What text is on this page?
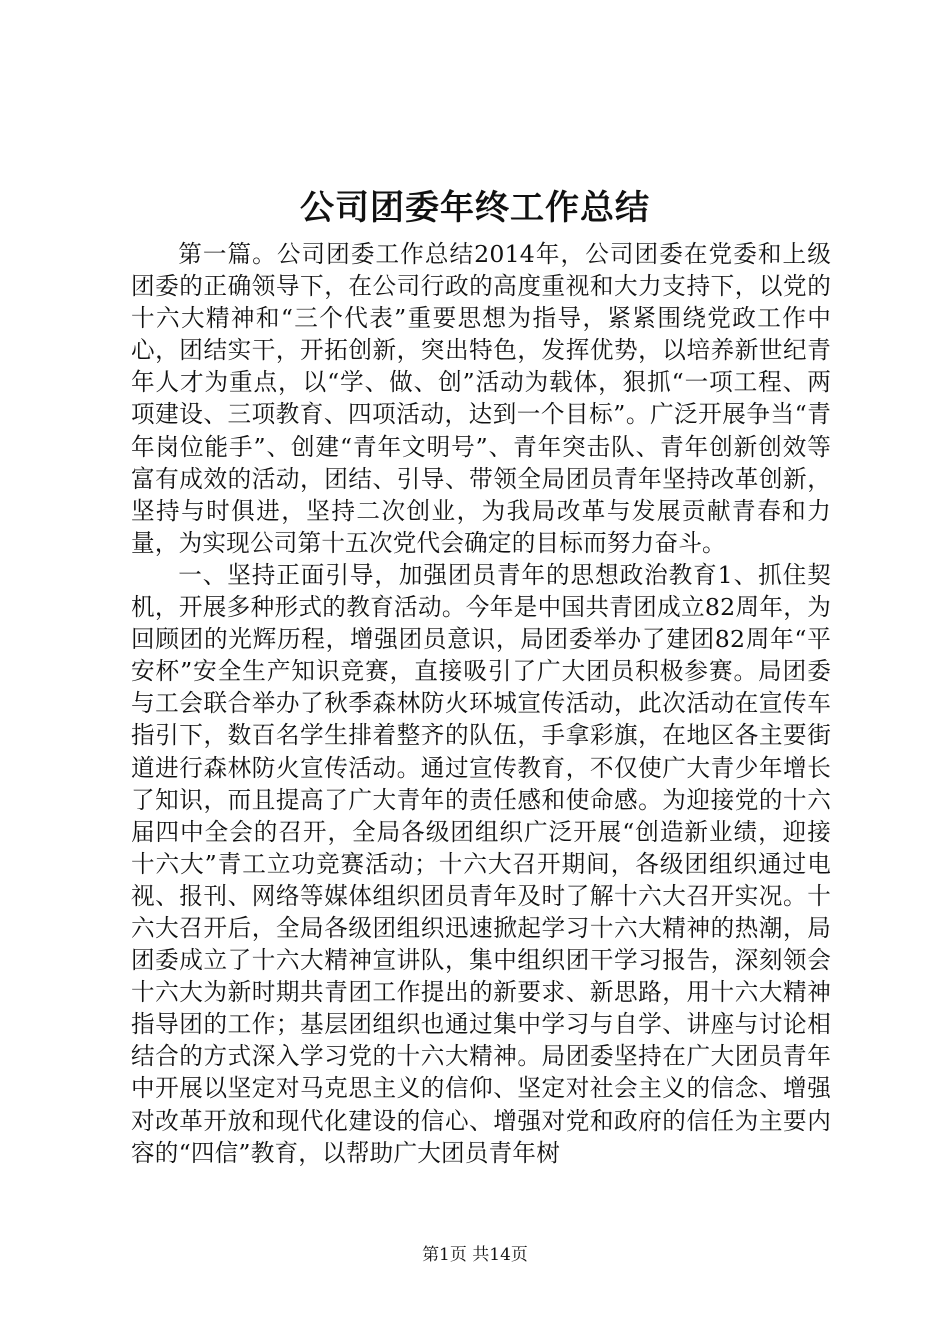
公司团委年终工作总结

第一篇。公司团委工作总结2014年，公司团委在党委和上级团委的正确领导下，在公司行政的高度重视和大力支持下，以党的十六大精神和“三个代表”重要思想为指导，紧紧围绕党政工作中心，团结实干，开拓创新，突出特色，发挥优势，以培养新世纪青年人才为重点，以“学、做、创”活动为载体，狠抓“一项工程、两项建设、三项教育、四项活动，达到一个目标”。广泛开展争当“青年岗位能手”、创建“青年文明号”、青年突击队、青年创新创效等富有成效的活动，团结、引导、带领全局团员青年坚持改革创新，坚持与时俱进，坚持二次创业，为我局改革与发展贡献青春和力量，为实现公司第十五次党代会确定的目标而努力奋斗。

一、坚持正面引导，加强团员青年的思想政治教育1、抓住契机，开展多种形式的教育活动。今年是中国共青团成立82周年，为回顾团的光辉历程，增强团员意识，局团委举办了建团82周年“平安杯”安全生产知识竞赛，直接吸引了广大团员积极参赛。局团委与工会联合举办了秋季森林防火环城宣传活动，此次活动在宣传车指引下，数百名学生排着整齐的队伍，手拿彩旗，在地区各主要街道进行森林防火宣传活动。通过宣传教育，不仅使广大青少年增长了知识，而且提高了广大青年的责任感和使命感。为迎接党的十六届四中全会的召开，全局各级团组织广泛开展“创造新业绩，迎接十六大”青工立功竞赛活动；十六大召开期间，各级团组织通过电视、报刊、网络等媒体组织团员青年及时了解十六大召开实况。十六大召开后，全局各级团组织迅速掀起学习十六大精神的热潮，局团委成立了十六大精神宣讲队，集中组织团干学习报告，深刻领会十六大为新时期共青团工作提出的新要求、新思路，用十六大精神指导团的工作；基层团组织也通过集中学习与自学、讲座与讨论相结合的方式深入学习党的十六大精神。局团委坚持在广大团员青年中开展以坚定对马克思主义的信仰、坚定对社会主义的信念、增强对改革开放和现代化建设的信心、增强对党和政府的信任为主要内容的“四信”教育，以帮助广大团员青年树

第1页 共14页
